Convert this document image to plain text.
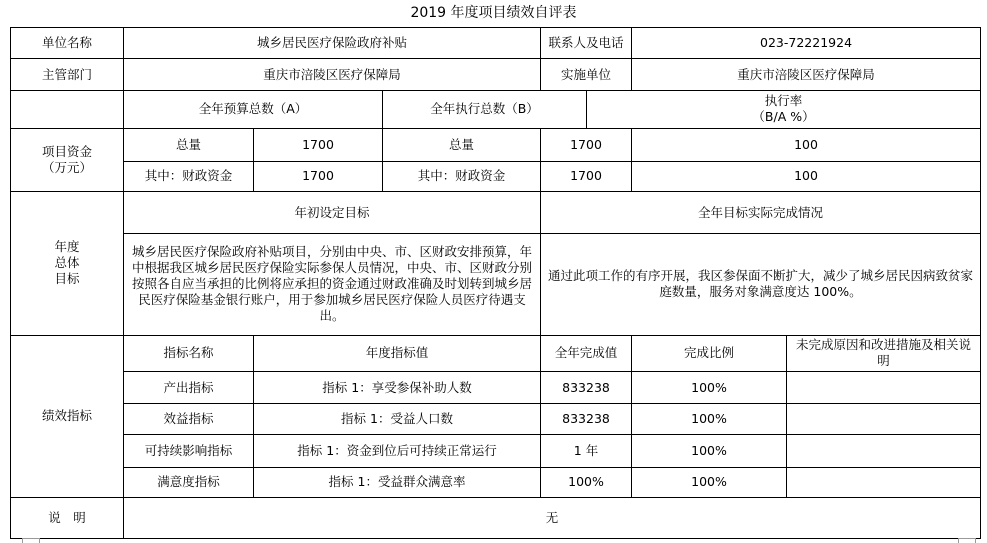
2019 年度项目绩效自评表
单位名称	城乡居民医疗保险政府补贴			联系人及电话		023-72221924	
主管部门	重庆市涪陵区医疗保障局			实施单位		重庆市涪陵区医疗保障局	
	全年预算总数（A）		全年执行总数（B）		执行率
（B/A %）		

项目资金
（万元）	总量	1700	总量	1700		100	
	其中：财政资金	1700	其中：财政资金	1700		100	

年度
总体
目标	年初设定目标			全年目标实际完成情况			
	城乡居民医疗保险政府补贴项目，分别由中央、市、区财政安排预算，年中根据我区城乡居民医疗保险实际参保人员情况，中央、市、区财政分别按照各自应当承担的比例将应承担的资金通过财政准确及时划转到城乡居民医疗保险基金银行账户，用于参加城乡居民医疗保险人员医疗待遇支出。			通过此项工作的有序开展，我区参保面不断扩大，减少了城乡居民因病致贫家庭数量，服务对象满意度达 100%。			
绩效指标	指标名称	年度指标值		全年完成值		完成比例	未完成原因和改进措施及相关说明
	产出指标	指标 1：享受参保补助人数		833238		100%	
	效益指标	指标 1：受益人口数		833238		100%	
	可持续影响指标	指标 1：资金到位后可持续正常运行		1 年		100%	
	满意度指标	指标 1：受益群众满意率		100%		100%	
说　明	无						
